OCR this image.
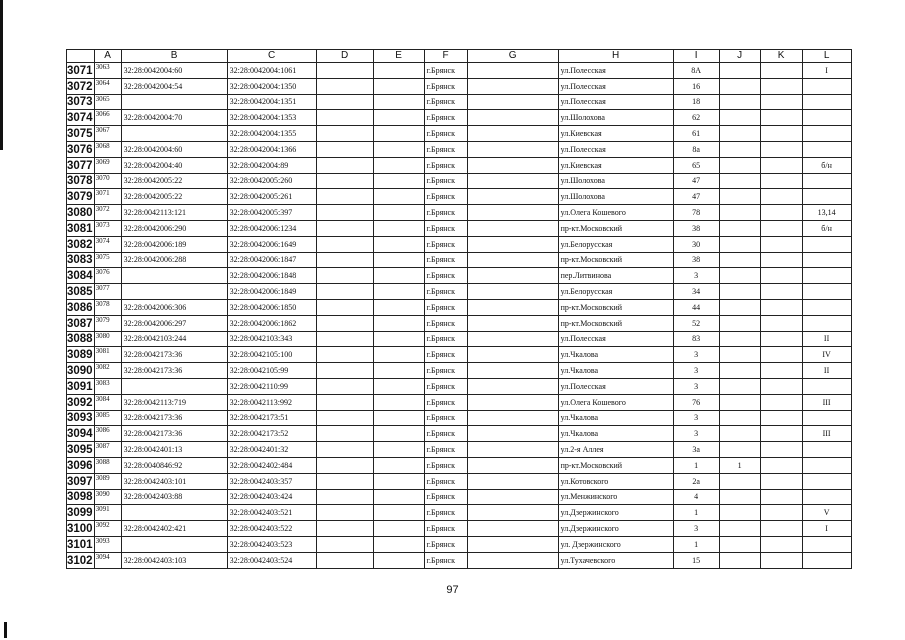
	A	B	C	D	E	F	G	H	I	J	K	L
3071	3063	32:28:0042004:60	32:28:0042004:1061			г.Брянск		ул.Полесская	8А			I
3072	3064	32:28:0042004:54	32:28:0042004:1350			г.Брянск		ул.Полесская	16			
3073	3065		32:28:0042004:1351			г.Брянск		ул.Полесская	18			
3074	3066	32:28:0042004:70	32:28:0042004:1353			г.Брянск		ул.Шолохова	62			
3075	3067		32:28:0042004:1355			г.Брянск		ул.Киевская	61			
3076	3068	32:28:0042004:60	32:28:0042004:1366			г.Брянск		ул.Полесская	8а			
3077	3069	32:28:0042004:40	32:28:0042004:89			г.Брянск		ул.Киевская	65			б/н
3078	3070	32:28:0042005:22	32:28:0042005:260			г.Брянск		ул.Шолохова	47			
3079	3071	32:28:0042005:22	32:28:0042005:261			г.Брянск		ул.Шолохова	47			
3080	3072	32:28:0042113:121	32:28:0042005:397			г.Брянск		ул.Олега Кошевого	78			13,14
3081	3073	32:28:0042006:290	32:28:0042006:1234			г.Брянск		пр-кт.Московский	38			б/н
3082	3074	32:28:0042006:189	32:28:0042006:1649			г.Брянск		ул.Белорусская	30			
3083	3075	32:28:0042006:288	32:28:0042006:1847			г.Брянск		пр-кт.Московский	38			
3084	3076		32:28:0042006:1848			г.Брянск		пер.Литвинова	3			
3085	3077		32:28:0042006:1849			г.Брянск		ул.Белорусская	34			
3086	3078	32:28:0042006:306	32:28:0042006:1850			г.Брянск		пр-кт.Московский	44			
3087	3079	32:28:0042006:297	32:28:0042006:1862			г.Брянск		пр-кт.Московский	52			
3088	3080	32:28:0042103:244	32:28:0042103:343			г.Брянск		ул.Полесская	83			II
3089	3081	32:28:0042173:36	32:28:0042105:100			г.Брянск		ул.Чкалова	3			IV
3090	3082	32:28:0042173:36	32:28:0042105:99			г.Брянск		ул.Чкалова	3			II
3091	3083		32:28:0042110:99			г.Брянск		ул.Полесская	3			
3092	3084	32:28:0042113:719	32:28:0042113:992			г.Брянск		ул.Олега Кошевого	76			III
3093	3085	32:28:0042173:36	32:28:0042173:51			г.Брянск		ул.Чкалова	3			
3094	3086	32:28:0042173:36	32:28:0042173:52			г.Брянск		ул.Чкалова	3			III
3095	3087	32:28:0042401:13	32:28:0042401:32			г.Брянск		ул.2-я Аллея	3а			
3096	3088	32:28:0040846:92	32:28:0042402:484			г.Брянск		пр-кт.Московский	1	1		
3097	3089	32:28:0042403:101	32:28:0042403:357			г.Брянск		ул.Котовского	2а			
3098	3090	32:28:0042403:88	32:28:0042403:424			г.Брянск		ул.Менжинского	4			
3099	3091		32:28:0042403:521			г.Брянск		ул.Дзержинского	1			V
3100	3092	32:28:0042402:421	32:28:0042403:522			г.Брянск		ул.Дзержинского	3			I
3101	3093		32:28:0042403:523			г.Брянск		ул. Дзержинского	1			
3102	3094	32:28:0042403:103	32:28:0042403:524			г.Брянск		ул.Тухачевского	15			
97
